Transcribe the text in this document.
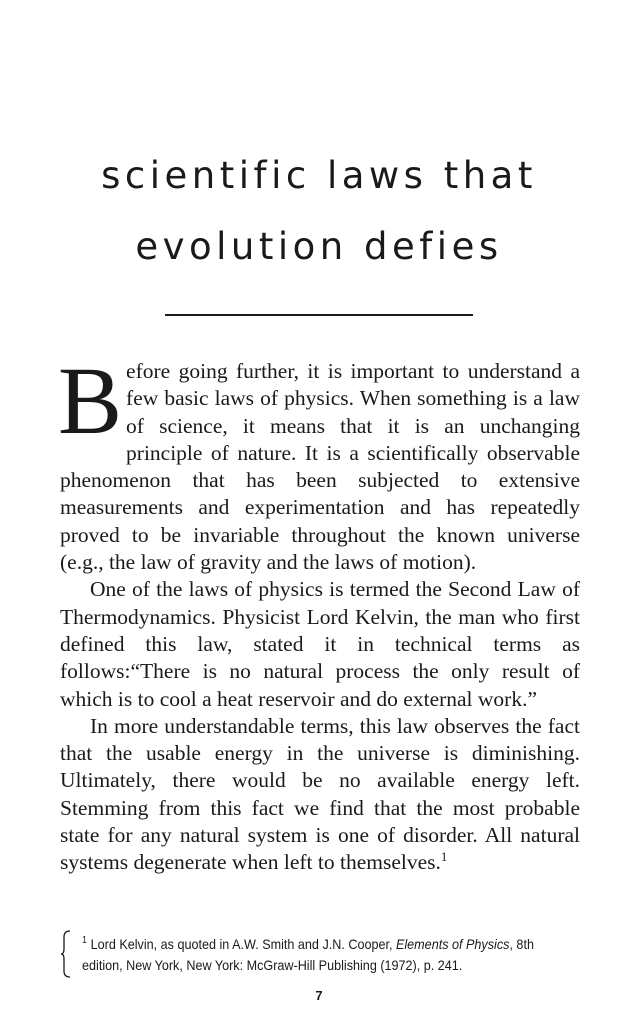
scientific laws that
evolution defies

Before going further, it is important to understand a few basic laws of physics. When something is a law of science, it means that it is an unchanging principle of nature. It is a scientifically observable phenomenon that has been subjected to extensive measurements and experimentation and has repeatedly proved to be invariable throughout the known universe (e.g., the law of gravity and the laws of motion).

One of the laws of physics is termed the Second Law of Thermodynamics. Physicist Lord Kelvin, the man who first defined this law, stated it in technical terms as follows:“There is no natural process the only result of which is to cool a heat reservoir and do external work.”

In more understandable terms, this law observes the fact that the usable energy in the universe is diminishing. Ultimately, there would be no available energy left. Stemming from this fact we find that the most probable state for any natural system is one of disorder. All natural systems degenerate when left to themselves.$^1$

$^1$ Lord Kelvin, as quoted in A.W. Smith and J.N. Cooper, Elements of Physics, 8th edition, New York, New York: McGraw-Hill Publishing (1972), p. 241.
7
